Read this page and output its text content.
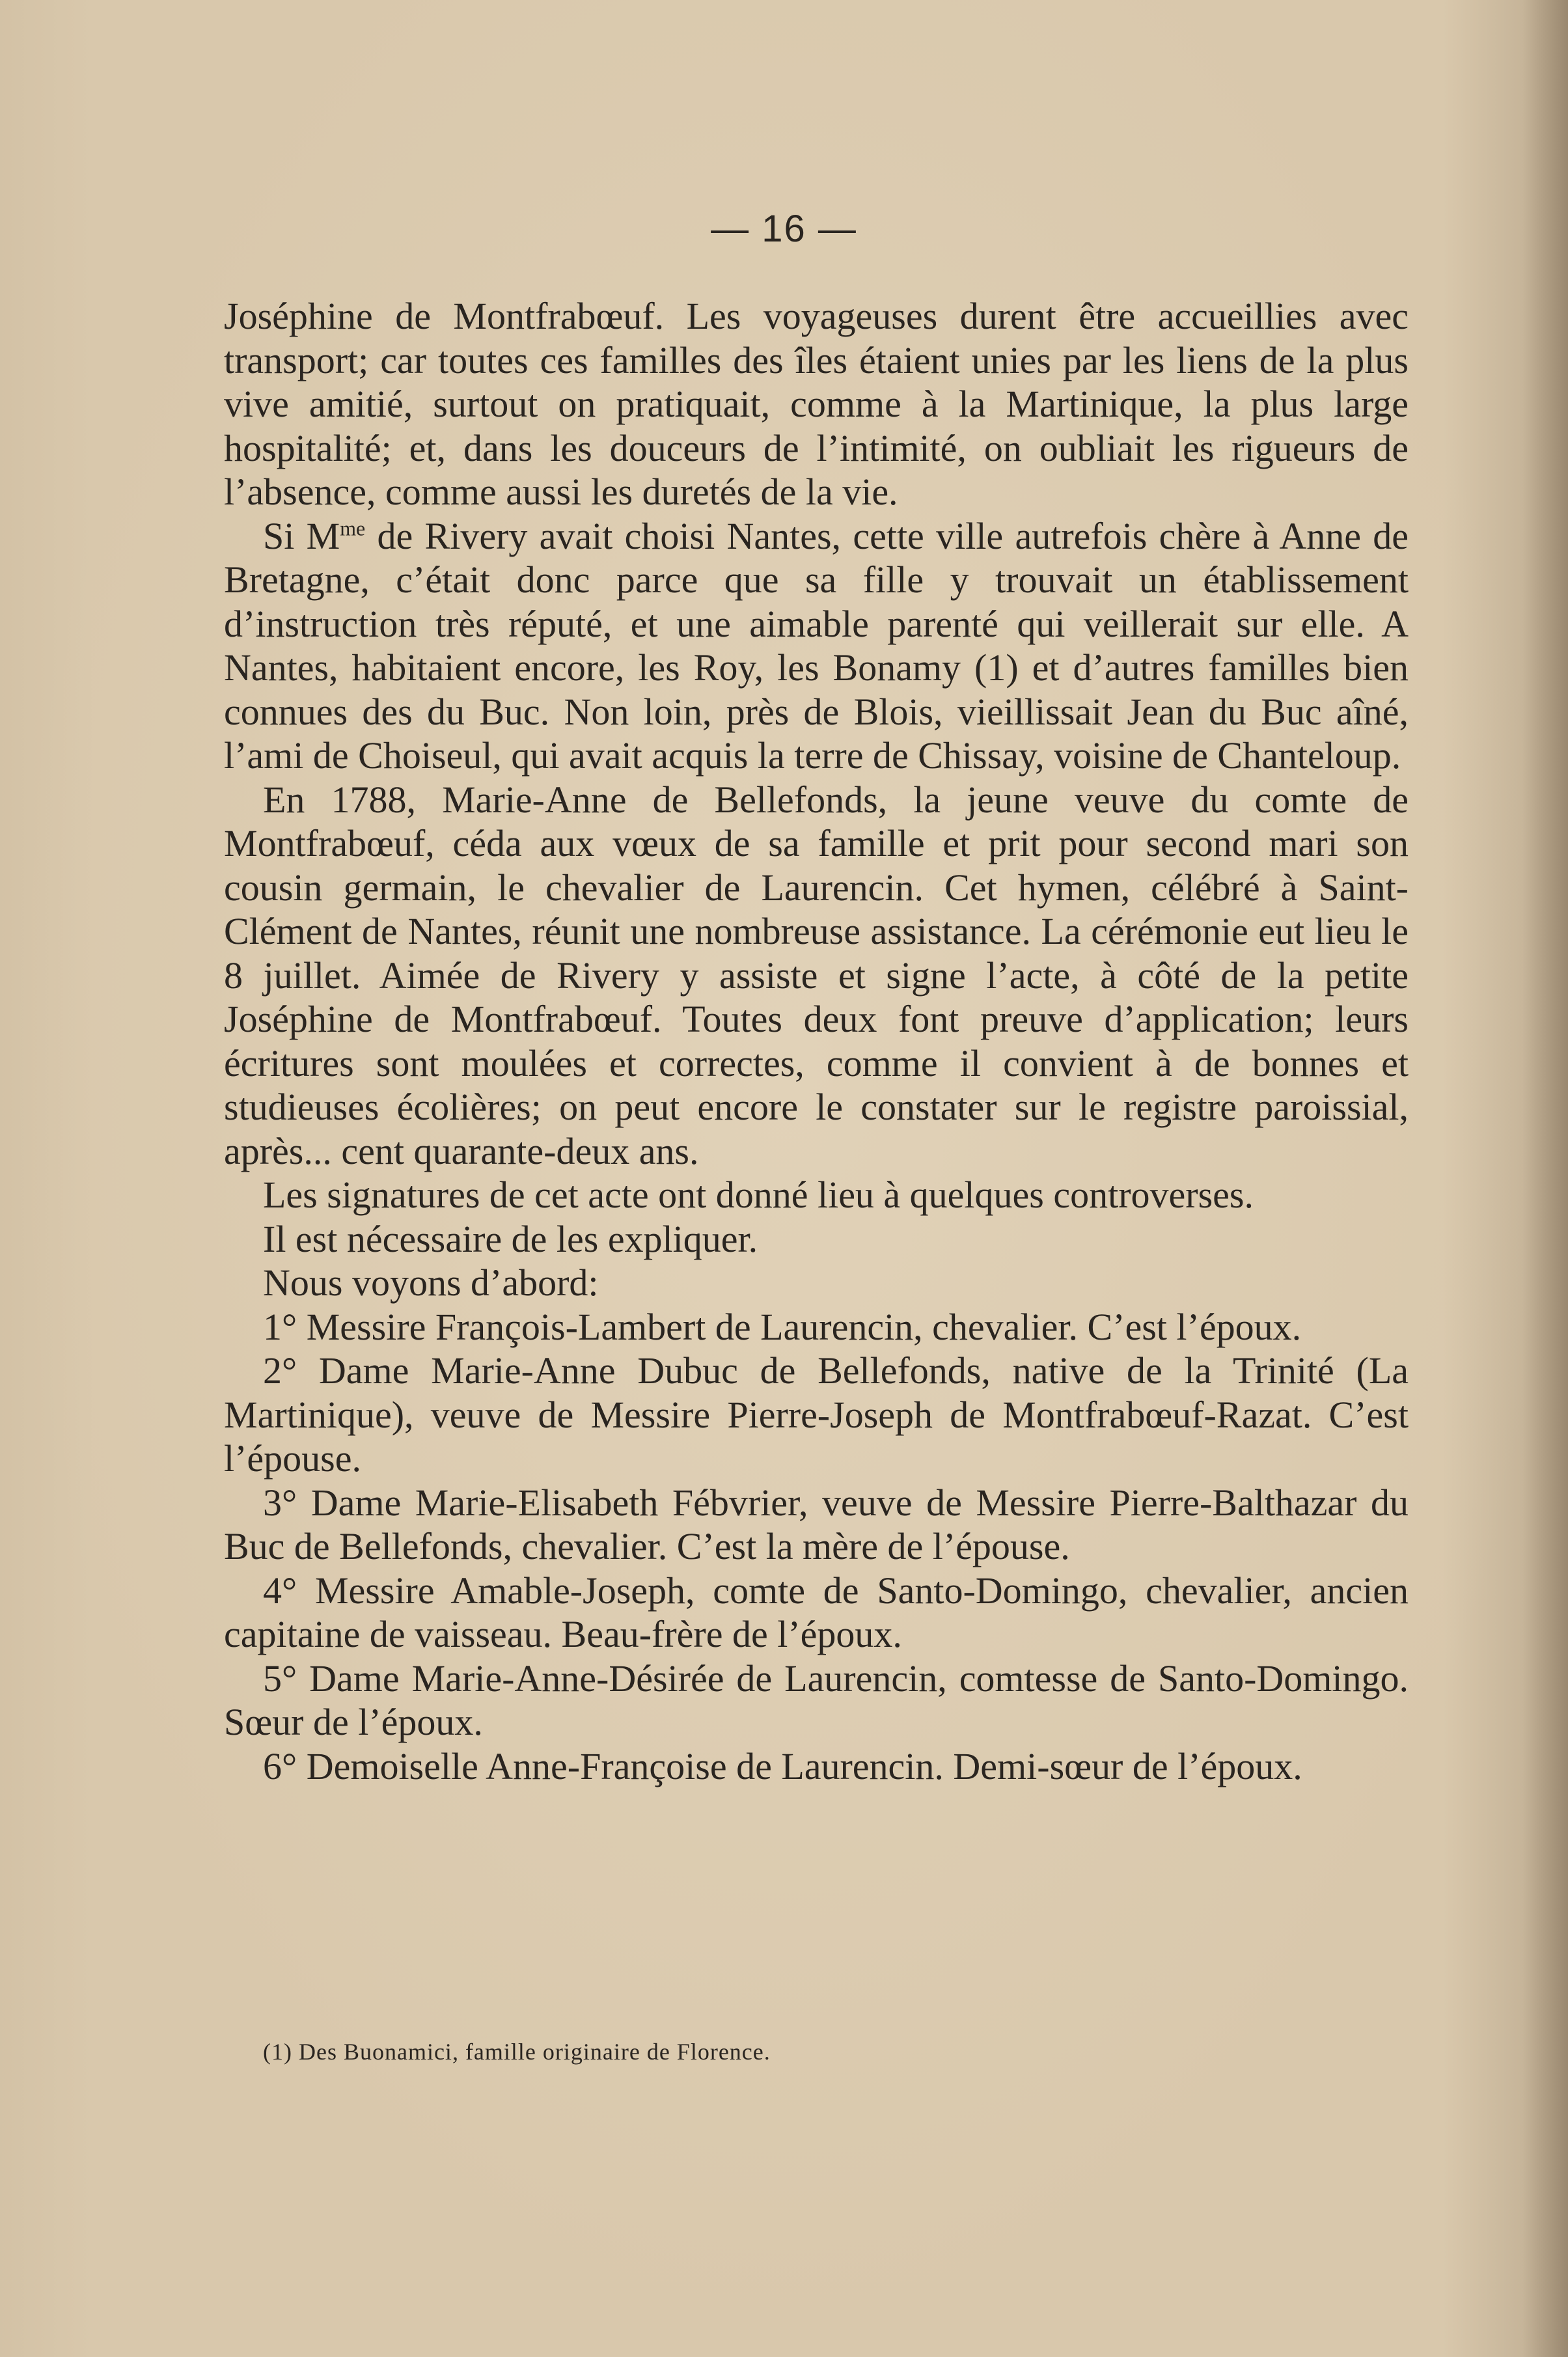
— 16 —

Joséphine de Montfrabœuf. Les voyageuses durent être accueillies avec transport; car toutes ces familles des îles étaient unies par les liens de la plus vive amitié, surtout on pratiquait, comme à la Martinique, la plus large hospitalité; et, dans les douceurs de l’intimité, on oubliait les rigueurs de l’absence, comme aussi les duretés de la vie.

Si $M^{me}$ de Rivery avait choisi Nantes, cette ville autrefois chère à Anne de Bretagne, c’était donc parce que sa fille y trouvait un établissement d’instruction très réputé, et une aimable parenté qui veillerait sur elle. A Nantes, habitaient encore, les Roy, les Bonamy (1) et d’autres familles bien connues des du Buc. Non loin, près de Blois, vieillissait Jean du Buc aîné, l’ami de Choiseul, qui avait acquis la terre de Chissay, voisine de Chanteloup.

En 1788, Marie-Anne de Bellefonds, la jeune veuve du comte de Montfrabœuf, céda aux vœux de sa famille et prit pour second mari son cousin germain, le chevalier de Laurencin. Cet hymen, célébré à Saint-Clément de Nantes, réunit une nombreuse assistance. La cérémonie eut lieu le 8 juillet. Aimée de Rivery y assiste et signe l’acte, à côté de la petite Joséphine de Montfrabœuf. Toutes deux font preuve d’application; leurs écritures sont moulées et correctes, comme il convient à de bonnes et studieuses écolières; on peut encore le constater sur le registre paroissial, après... cent quarante-deux ans.

Les signatures de cet acte ont donné lieu à quelques controverses.

Il est nécessaire de les expliquer.

Nous voyons d’abord:

1° Messire François-Lambert de Laurencin, chevalier. C’est l’époux.

2° Dame Marie-Anne Dubuc de Bellefonds, native de la Trinité (La Martinique), veuve de Messire Pierre-Joseph de Montfrabœuf-Razat. C’est l’épouse.

3° Dame Marie-Elisabeth Fébvrier, veuve de Messire Pierre-Balthazar du Buc de Bellefonds, chevalier. C’est la mère de l’épouse.

4° Messire Amable-Joseph, comte de Santo-Domingo, chevalier, ancien capitaine de vaisseau. Beau-frère de l’époux.

5° Dame Marie-Anne-Désirée de Laurencin, comtesse de Santo-Domingo. Sœur de l’époux.

6° Demoiselle Anne-Françoise de Laurencin. Demi-sœur de l’époux.

(1) Des Buonamici, famille originaire de Florence.
